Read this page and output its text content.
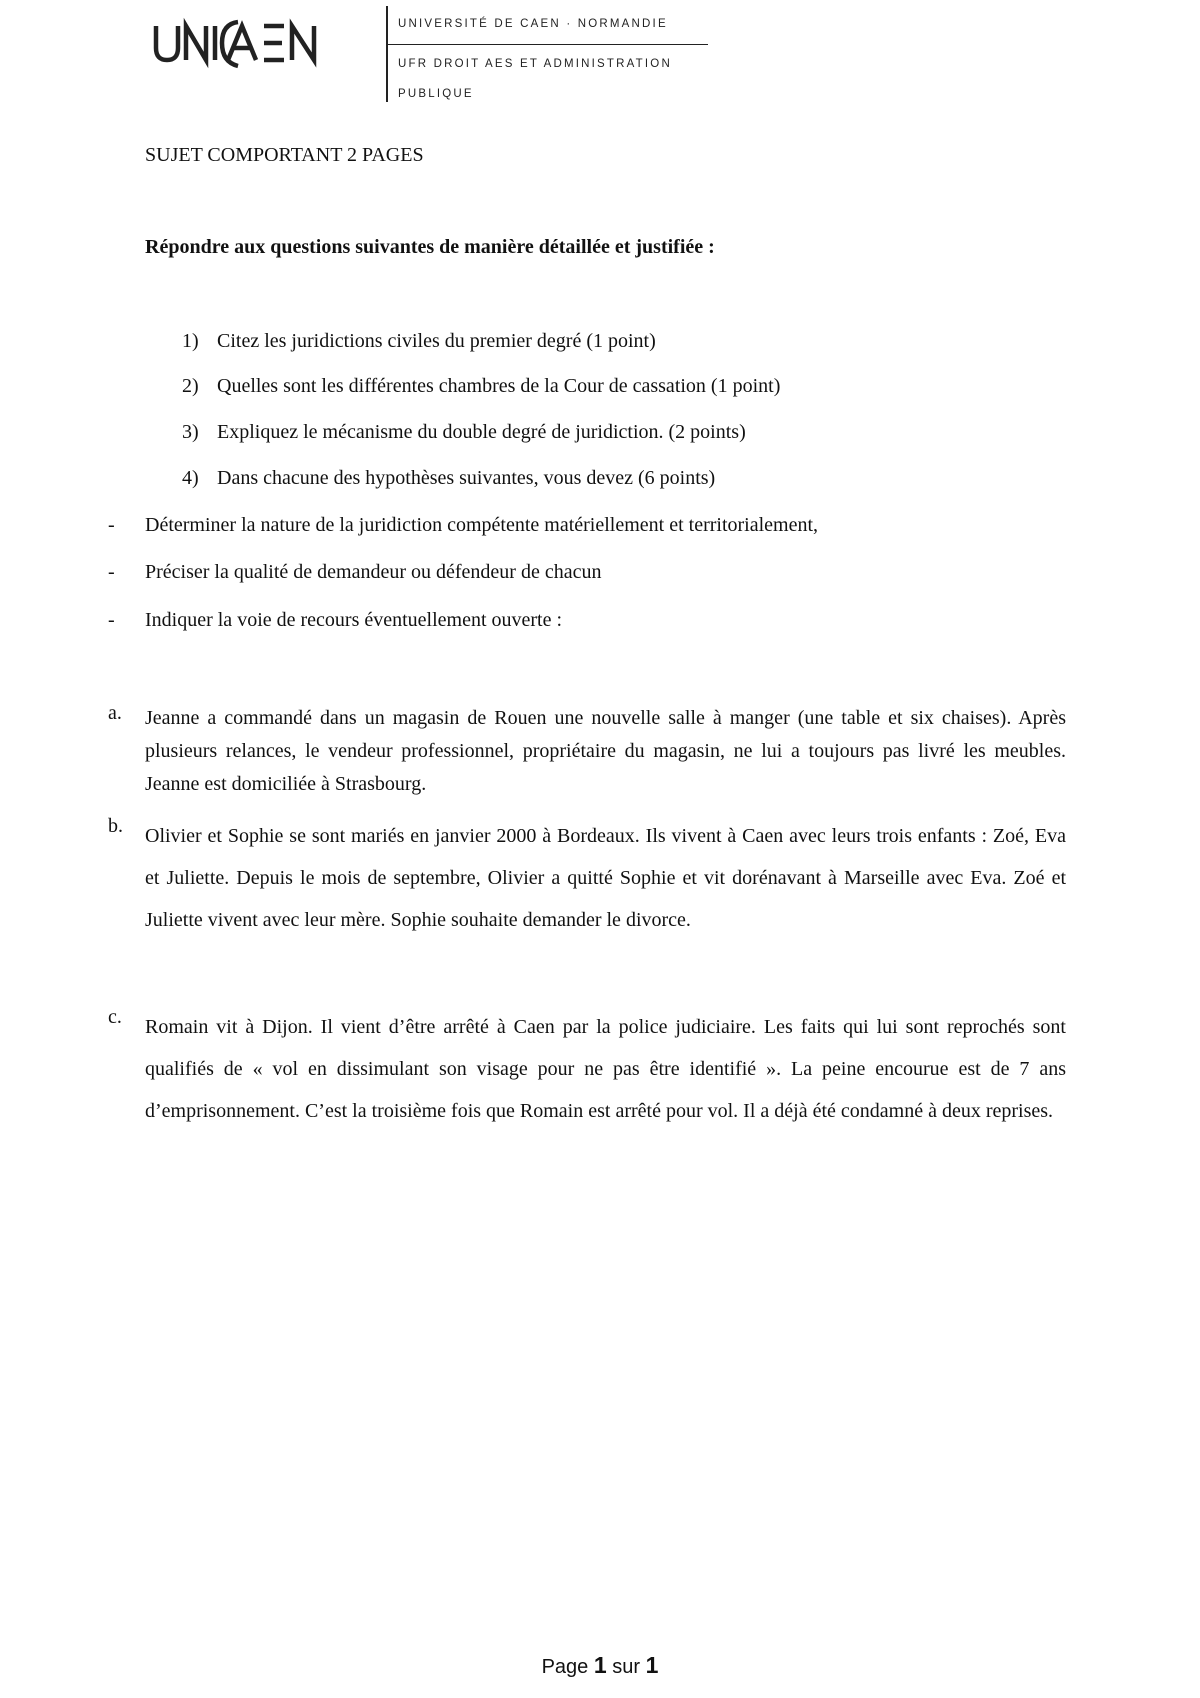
UNIVERSITÉ DE CAEN · NORMANDIE
UFR DROIT AES ET ADMINISTRATION
PUBLIQUE
SUJET COMPORTANT 2 PAGES
Répondre aux questions suivantes de manière détaillée et justifiée :
1) Citez les juridictions civiles du premier degré (1 point)
2) Quelles sont les différentes chambres de la Cour de cassation (1 point)
3) Expliquez le mécanisme du double degré de juridiction. (2 points)
4) Dans chacune des hypothèses suivantes, vous devez (6 points)
- Déterminer la nature de la juridiction compétente matériellement et territorialement,
- Préciser la qualité de demandeur ou défendeur de chacun
- Indiquer la voie de recours éventuellement ouverte :
a. Jeanne a commandé dans un magasin de Rouen une nouvelle salle à manger (une table et six chaises). Après plusieurs relances, le vendeur professionnel, propriétaire du magasin, ne lui a toujours pas livré les meubles. Jeanne est domiciliée à Strasbourg.
b. Olivier et Sophie se sont mariés en janvier 2000 à Bordeaux. Ils vivent à Caen avec leurs trois enfants : Zoé, Eva et Juliette. Depuis le mois de septembre, Olivier a quitté Sophie et vit dorénavant à Marseille avec Eva. Zoé et Juliette vivent avec leur mère. Sophie souhaite demander le divorce.
c. Romain vit à Dijon. Il vient d’être arrêté à Caen par la police judiciaire. Les faits qui lui sont reprochés sont qualifiés de « vol en dissimulant son visage pour ne pas être identifié ». La peine encourue est de 7 ans d’emprisonnement. C’est la troisième fois que Romain est arrêté pour vol. Il a déjà été condamné à deux reprises.
Page 1 sur 1
